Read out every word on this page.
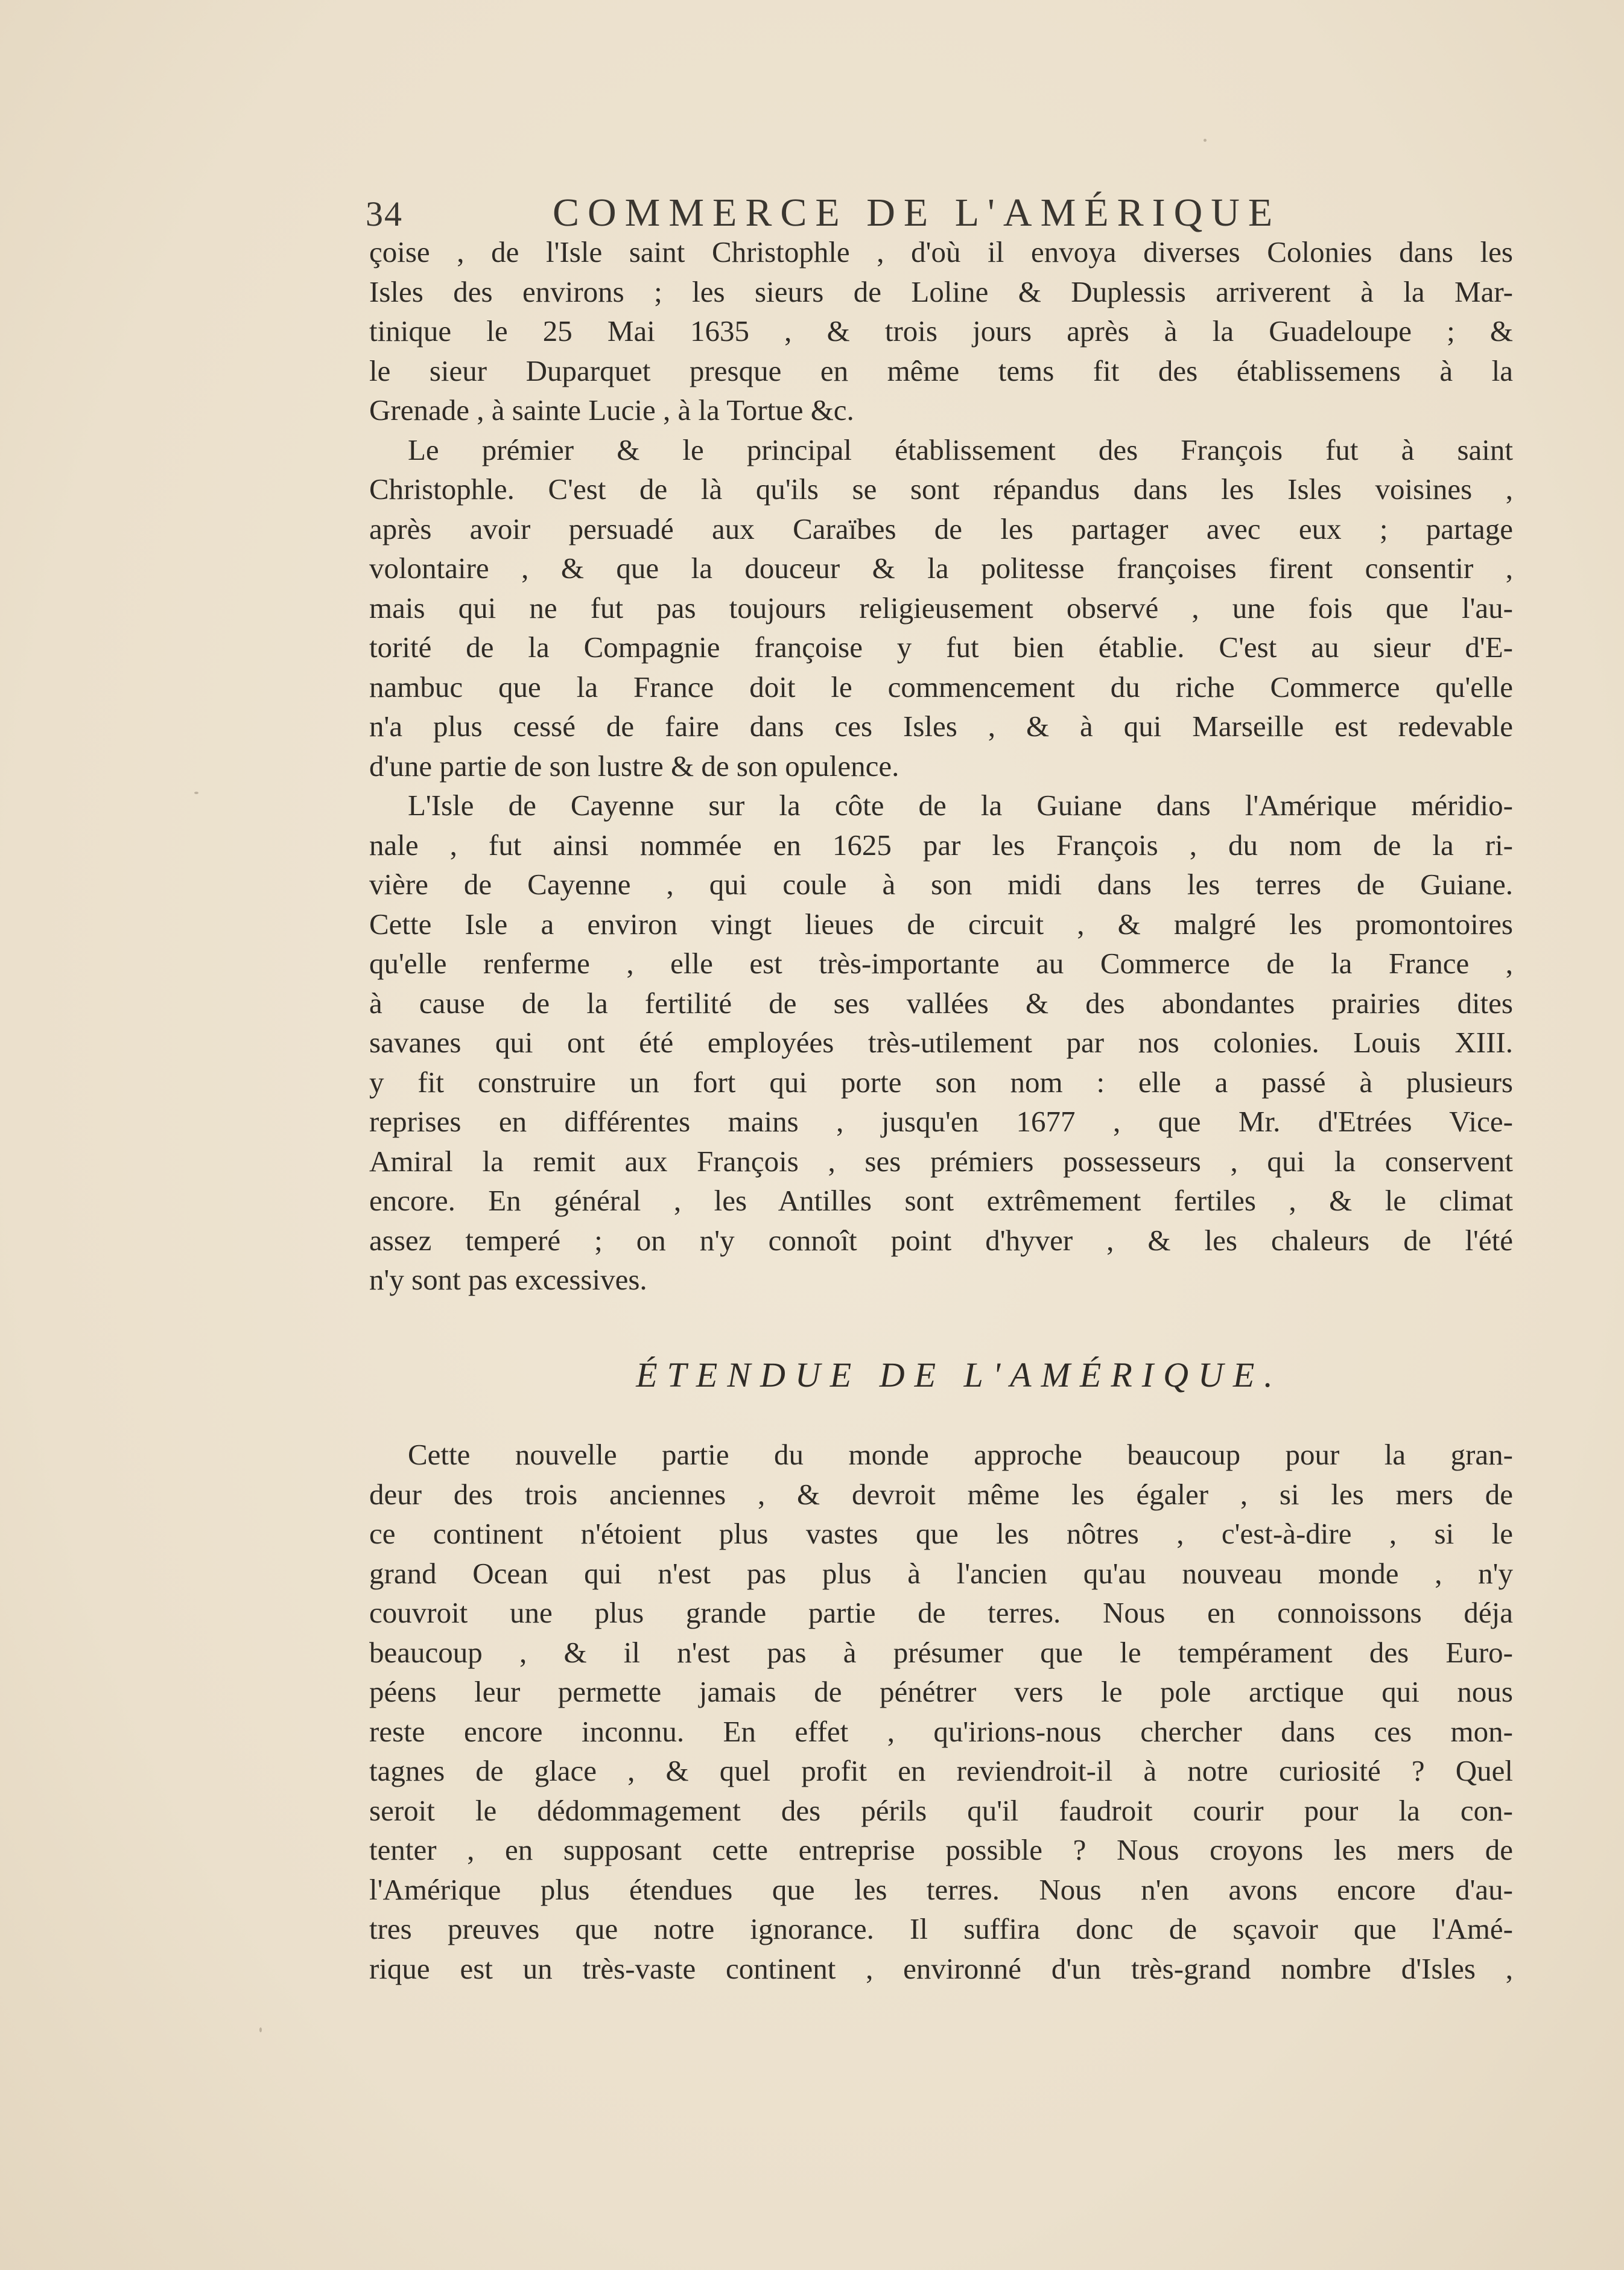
34	COMMERCE DE L'AMÉRIQUE
çoise , de l'Isle saint Christophle , d'où il envoya diverses Colonies dans les
Isles des environs ; les sieurs de Loline & Duplessis arriverent à la Mar-
tinique le 25 Mai 1635 , & trois jours après à la Guadeloupe ; &
le sieur Duparquet presque en même tems fit des établissemens à la
Grenade , à sainte Lucie , à la Tortue &c.
Le prémier & le principal établissement des François fut à saint
Christophle. C'est de là qu'ils se sont répandus dans les Isles voisines ,
après avoir persuadé aux Caraïbes de les partager avec eux ; partage
volontaire , & que la douceur & la politesse françoises firent consentir ,
mais qui ne fut pas toujours religieusement observé , une fois que l'au-
torité de la Compagnie françoise y fut bien établie. C'est au sieur d'E-
nambuc que la France doit le commencement du riche Commerce qu'elle
n'a plus cessé de faire dans ces Isles , & à qui Marseille est redevable
d'une partie de son lustre & de son opulence.
L'Isle de Cayenne sur la côte de la Guiane dans l'Amérique méridio-
nale , fut ainsi nommée en 1625 par les François , du nom de la ri-
vière de Cayenne , qui coule à son midi dans les terres de Guiane.
Cette Isle a environ vingt lieues de circuit , & malgré les promontoires
qu'elle renferme , elle est très-importante au Commerce de la France ,
à cause de la fertilité de ses vallées & des abondantes prairies dites
savanes qui ont été employées très-utilement par nos colonies. Louis XIII.
y fit construire un fort qui porte son nom : elle a passé à plusieurs
reprises en différentes mains , jusqu'en 1677 , que Mr. d'Etrées Vice-
Amiral la remit aux François , ses prémiers possesseurs , qui la conservent
encore. En général , les Antilles sont extrêmement fertiles , & le climat
assez temperé ; on n'y connoît point d'hyver , & les chaleurs de l'été
n'y sont pas excessives.
ÉTENDUE DE L'AMÉRIQUE.
Cette nouvelle partie du monde approche beaucoup pour la gran-
deur des trois anciennes , & devroit même les égaler , si les mers de
ce continent n'étoient plus vastes que les nôtres , c'est-à-dire , si le
grand Ocean qui n'est pas plus à l'ancien qu'au nouveau monde , n'y
couvroit une plus grande partie de terres. Nous en connoissons déja
beaucoup , & il n'est pas à présumer que le tempérament des Euro-
péens leur permette jamais de pénétrer vers le pole arctique qui nous
reste encore inconnu. En effet , qu'irions-nous chercher dans ces mon-
tagnes de glace , & quel profit en reviendroit-il à notre curiosité ? Quel
seroit le dédommagement des périls qu'il faudroit courir pour la con-
tenter , en supposant cette entreprise possible ? Nous croyons les mers de
l'Amérique plus étendues que les terres. Nous n'en avons encore d'au-
tres preuves que notre ignorance. Il suffira donc de sçavoir que l'Amé-
rique est un très-vaste continent , environné d'un très-grand nombre d'Isles ,
